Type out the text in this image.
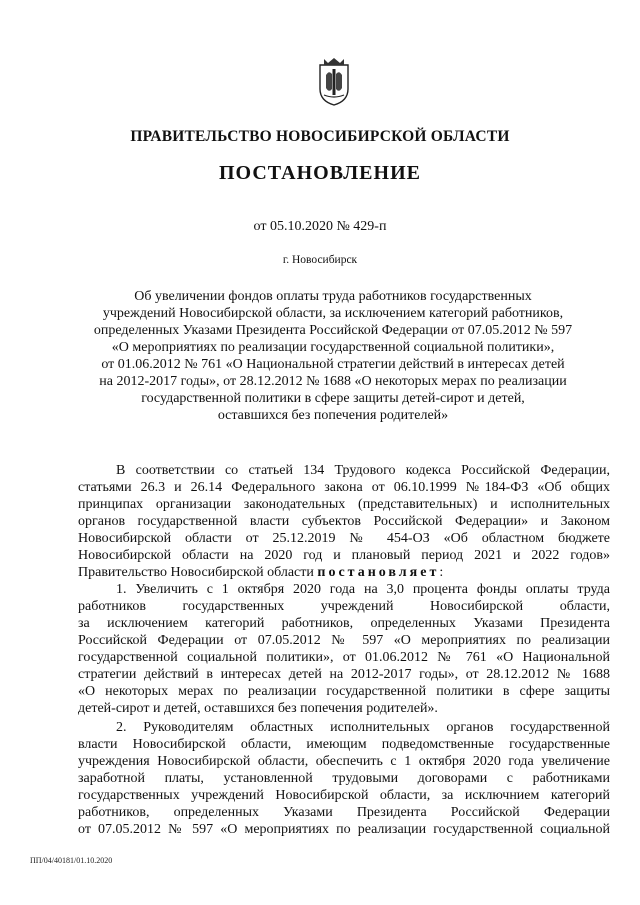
ПРАВИТЕЛЬСТВО НОВОСИБИРСКОЙ ОБЛАСТИ
ПОСТАНОВЛЕНИЕ
от 05.10.2020 № 429-п
г. Новосибирск
Об увеличении фондов оплаты труда работников государственных
учреждений Новосибирской области, за исключением категорий работников,
определенных Указами Президента Российской Федерации от 07.05.2012 № 597
«О мероприятиях по реализации государственной социальной политики»,
от 01.06.2012 № 761 «О Национальной стратегии действий в интересах детей
на 2012-2017 годы», от 28.12.2012 № 1688 «О некоторых мерах по реализации
государственной политики в сфере защиты детей-сирот и детей,
оставшихся без попечения родителей»
В соответствии со статьей 134 Трудового кодекса Российской Федерации,
статьями 26.3 и 26.14 Федерального закона от 06.10.1999 №184-ФЗ «Об общих
принципах организации законодательных (представительных) и исполнительных
органов государственной власти субъектов Российской Федерации» и Законом
Новосибирской области от 25.12.2019 № 454-ОЗ «Об областном бюджете
Новосибирской области на 2020 год и плановый период 2021 и 2022 годов»
Правительство Новосибирской области постановляет:
1. Увеличить с 1 октября 2020 года на 3,0 процента фонды оплаты труда
работников государственных учреждений Новосибирской области,
за исключением категорий работников, определенных Указами Президента
Российской Федерации от 07.05.2012 № 597 «О мероприятиях по реализации
государственной социальной политики», от 01.06.2012 № 761 «О Национальной
стратегии действий в интересах детей на 2012-2017 годы», от 28.12.2012 № 1688
«О некоторых мерах по реализации государственной политики в сфере защиты
детей-сирот и детей, оставшихся без попечения родителей».
2. Руководителям областных исполнительных органов государственной
власти Новосибирской области, имеющим подведомственные государственные
учреждения Новосибирской области, обеспечить с 1 октября 2020 года увеличение
заработной платы, установленной трудовыми договорами с работниками
государственных учреждений Новосибирской области, за исключнием категорий
работников, определенных Указами Президента Российской Федерации
от 07.05.2012 № 597 «О мероприятиях по реализации государственной социальной
ПП/04/40181/01.10.2020
